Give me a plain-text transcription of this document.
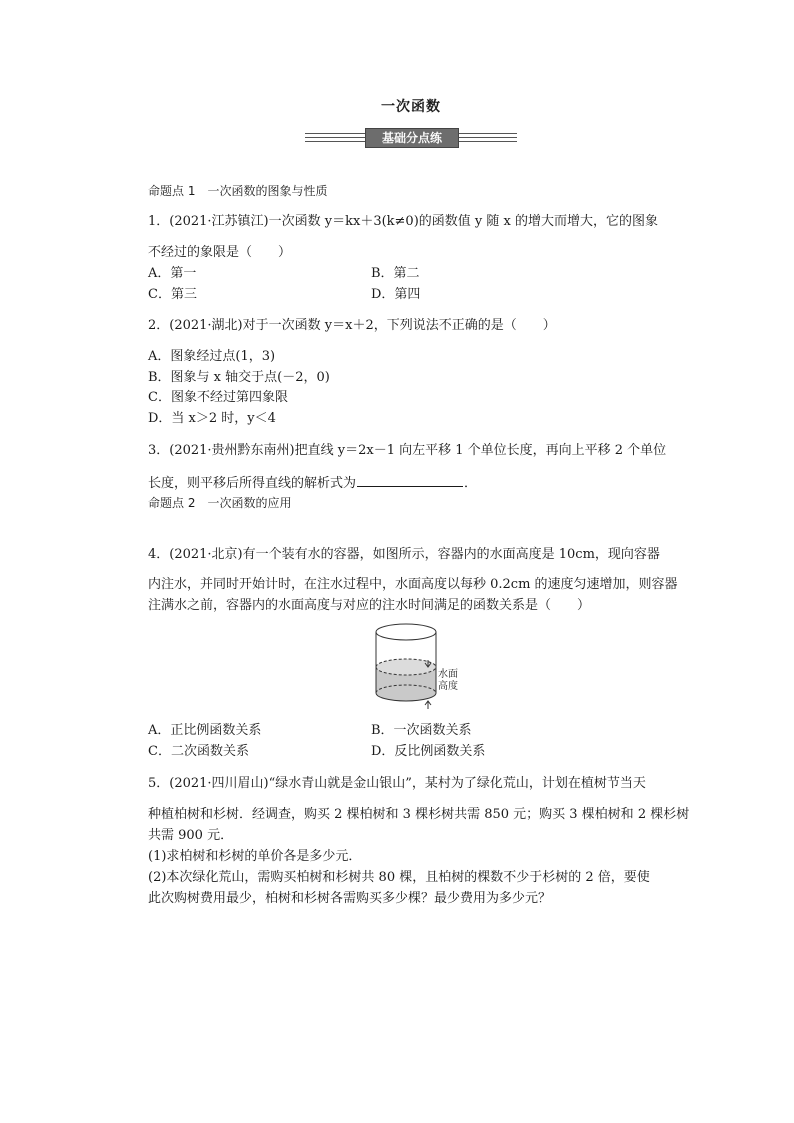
一次函数
基础分点练
命题点 1　一次函数的图象与性质
1．(2021·江苏镇江)一次函数 y＝kx＋3(k≠0)的函数值 y 随 x 的增大而增大，它的图象
不经过的象限是（　　）
A．第一	B．第二
C．第三	D．第四
2．(2021·湖北)对于一次函数 y＝x＋2，下列说法不正确的是（　　）
A．图象经过点(1，3)
B．图象与 x 轴交于点(－2，0)
C．图象不经过第四象限
D．当 x＞2 时，y＜4
3．(2021·贵州黔东南州)把直线 y＝2x－1 向左平移 1 个单位长度，再向上平移 2 个单位
长度，则平移后所得直线的解析式为	．
命题点 2　一次函数的应用
4．(2021·北京)有一个装有水的容器，如图所示，容器内的水面高度是 10cm，现向容器
内注水，并同时开始计时，在注水过程中，水面高度以每秒 0.2cm 的速度匀速增加，则容器
注满水之前，容器内的水面高度与对应的注水时间满足的函数关系是（　　）
水面
高度
A．正比例函数关系	B．一次函数关系
C．二次函数关系	D．反比例函数关系
5．(2021·四川眉山)“绿水青山就是金山银山”，某村为了绿化荒山，计划在植树节当天
种植柏树和杉树．经调查，购买 2 棵柏树和 3 棵杉树共需 850 元；购买 3 棵柏树和 2 棵杉树
共需 900 元．
(1)求柏树和杉树的单价各是多少元．
(2)本次绿化荒山，需购买柏树和杉树共 80 棵，且柏树的棵数不少于杉树的 2 倍，要使
此次购树费用最少，柏树和杉树各需购买多少棵？最少费用为多少元？
